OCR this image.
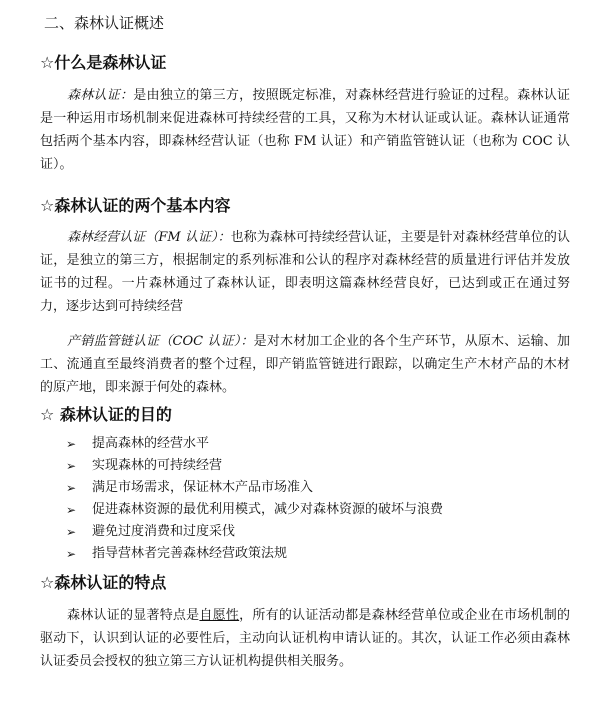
二、森林认证概述
☆什么是森林认证
森林认证：是由独立的第三方，按照既定标准，对森林经营进行验证的过程。森林认证是一种运用市场机制来促进森林可持续经营的工具，又称为木材认证或认证。森林认证通常包括两个基本内容，即森林经营认证（也称 FM 认证）和产销监管链认证（也称为 COC 认证）。
☆森林认证的两个基本内容
森林经营认证（FM 认证）：也称为森林可持续经营认证，主要是针对森林经营单位的认证，是独立的第三方，根据制定的系列标准和公认的程序对森林经营的质量进行评估并发放证书的过程。一片森林通过了森林认证，即表明这篇森林经营良好，已达到或正在通过努力，逐步达到可持续经营
产销监管链认证（COC 认证）：是对木材加工企业的各个生产环节，从原木、运输、加工、流通直至最终消费者的整个过程，即产销监管链进行跟踪，以确定生产木材产品的木材的原产地，即来源于何处的森林。
☆ 森林认证的目的
➢ 提高森林的经营水平
➢ 实现森林的可持续经营
➢ 满足市场需求，保证林木产品市场准入
➢ 促进森林资源的最优利用模式，减少对森林资源的破坏与浪费
➢ 避免过度消费和过度采伐
➢ 指导营林者完善森林经营政策法规
☆森林认证的特点
森林认证的显著特点是自愿性，所有的认证活动都是森林经营单位或企业在市场机制的驱动下，认识到认证的必要性后，主动向认证机构申请认证的。其次，认证工作必须由森林认证委员会授权的独立第三方认证机构提供相关服务。
